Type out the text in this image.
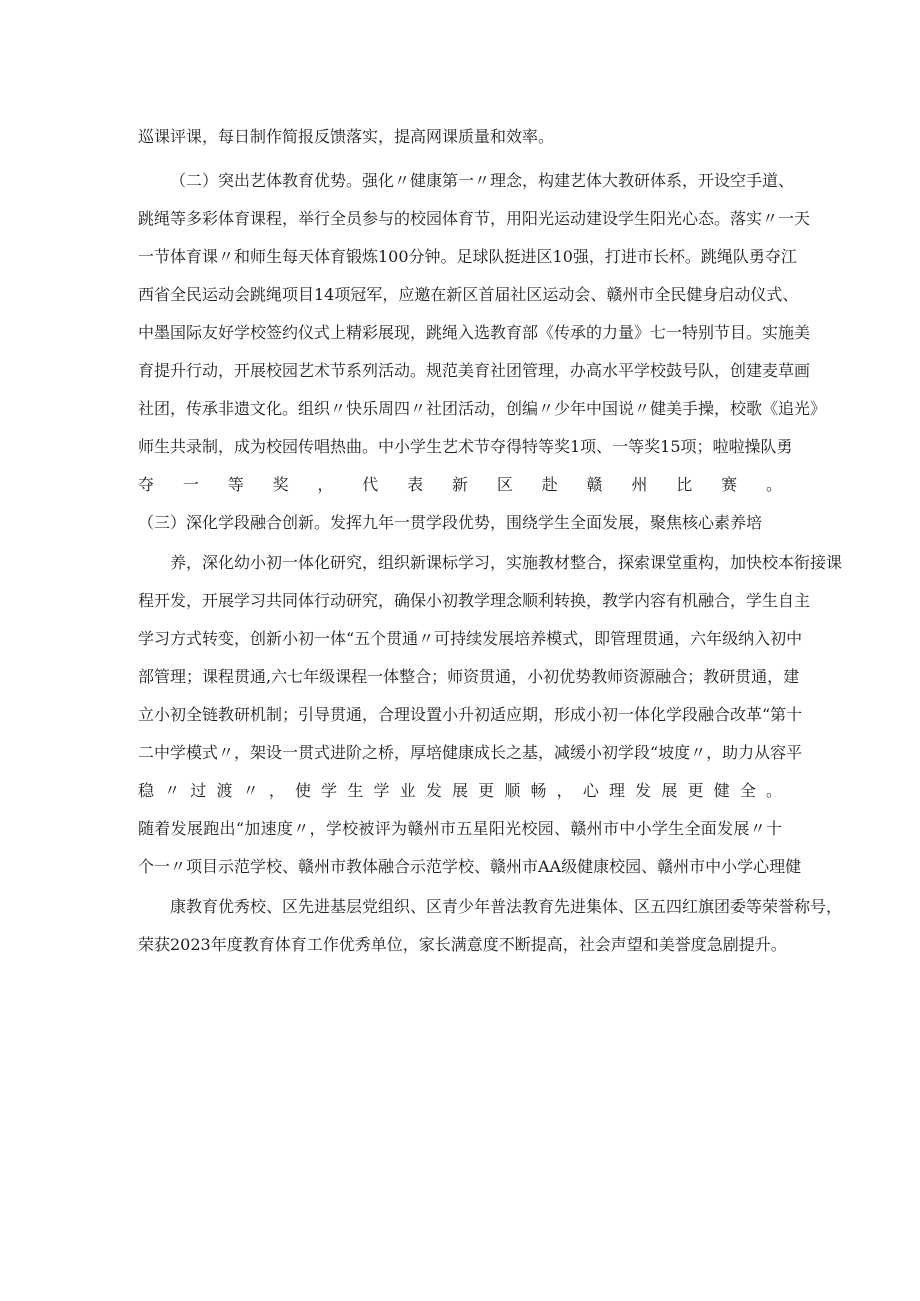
巡课评课，每日制作简报反馈落实，提高网课质量和效率。
（二）突出艺体教育优势。强化〃健康第一〃理念，构建艺体大教研体系，开设空手道、
跳绳等多彩体育课程，举行全员参与的校园体育节，用阳光运动建设学生阳光心态。落实〃一天
一节体育课〃和师生每天体育锻炼100分钟。足球队挺进区10强，打进市长杯。跳绳队勇夺江
西省全民运动会跳绳项目14项冠军，应邀在新区首届社区运动会、赣州市全民健身启动仪式、
中墨国际友好学校签约仪式上精彩展现，跳绳入选教育部《传承的力量》七一特别节目。实施美
育提升行动，开展校园艺术节系列活动。规范美育社团管理，办高水平学校鼓号队，创建麦草画
社团，传承非遗文化。组织〃快乐周四〃社团活动，创编〃少年中国说〃健美手操，校歌《追光》
师生共录制，成为校园传唱热曲。中小学生艺术节夺得特等奖1项、一等奖15项；啦啦操队勇
夺一等奖，代表新区赴赣州比赛。
（三）深化学段融合创新。发挥九年一贯学段优势，围绕学生全面发展，聚焦核心素养培
养，深化幼小初一体化研究，组织新课标学习，实施教材整合，探索课堂重构，加快校本衔接课
程开发，开展学习共同体行动研究，确保小初教学理念顺利转换，教学内容有机融合，学生自主
学习方式转变，创新小初一体“五个贯通〃可持续发展培养模式，即管理贯通，六年级纳入初中
部管理；课程贯通,六七年级课程一体整合；师资贯通，小初优势教师资源融合；教研贯通，建
立小初全链教研机制；引导贯通，合理设置小升初适应期，形成小初一体化学段融合改革“第十
二中学模式〃，架设一贯式进阶之桥，厚培健康成长之基，减缓小初学段“坡度〃，助力从容平
稳〃过渡〃，使学生学业发展更顺畅，心理发展更健全。
随着发展跑出“加速度〃，学校被评为赣州市五星阳光校园、赣州市中小学生全面发展〃十
个一〃项目示范学校、赣州市教体融合示范学校、赣州市AA级健康校园、赣州市中小学心理健
康教育优秀校、区先进基层党组织、区青少年普法教育先进集体、区五四红旗团委等荣誉称号，
荣获2023年度教育体育工作优秀单位，家长满意度不断提高，社会声望和美誉度急剧提升。
